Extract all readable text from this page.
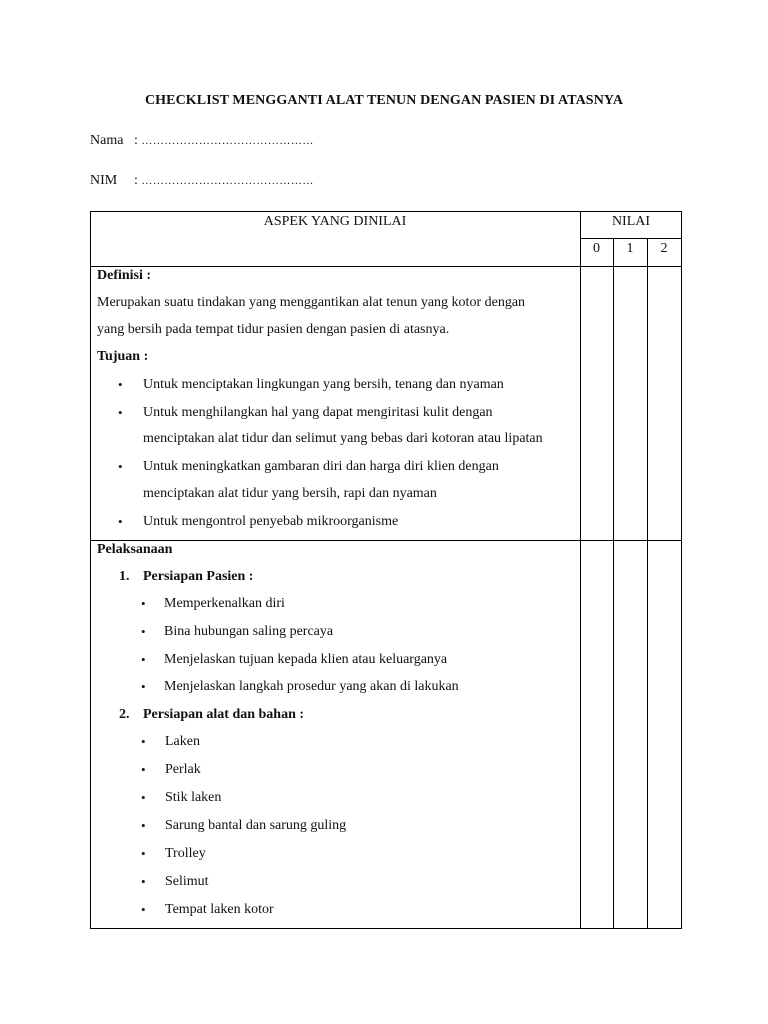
CHECKLIST MENGGANTI ALAT TENUN DENGAN PASIEN DI ATASNYA
Nama : ………………………………………
NIM : ………………………………………
ASPEK YANG DINILAI	NILAI
0	1	2
Definisi :
Merupakan suatu tindakan yang menggantikan alat tenun yang kotor dengan
yang bersih pada tempat tidur pasien dengan pasien di atasnya.
Tujuan :
• Untuk menciptakan lingkungan yang bersih, tenang dan nyaman
• Untuk menghilangkan hal yang dapat mengiritasi kulit dengan
menciptakan alat tidur dan selimut yang bebas dari kotoran atau lipatan
• Untuk meningkatkan gambaran diri dan harga diri klien dengan
menciptakan alat tidur yang bersih, rapi dan nyaman
• Untuk mengontrol penyebab mikroorganisme
Pelaksanaan
1. Persiapan Pasien :
• Memperkenalkan diri
• Bina hubungan saling percaya
• Menjelaskan tujuan kepada klien atau keluarganya
• Menjelaskan langkah prosedur yang akan di lakukan
2. Persiapan alat dan bahan :
• Laken
• Perlak
• Stik laken
• Sarung bantal dan sarung guling
• Trolley
• Selimut
• Tempat laken kotor
